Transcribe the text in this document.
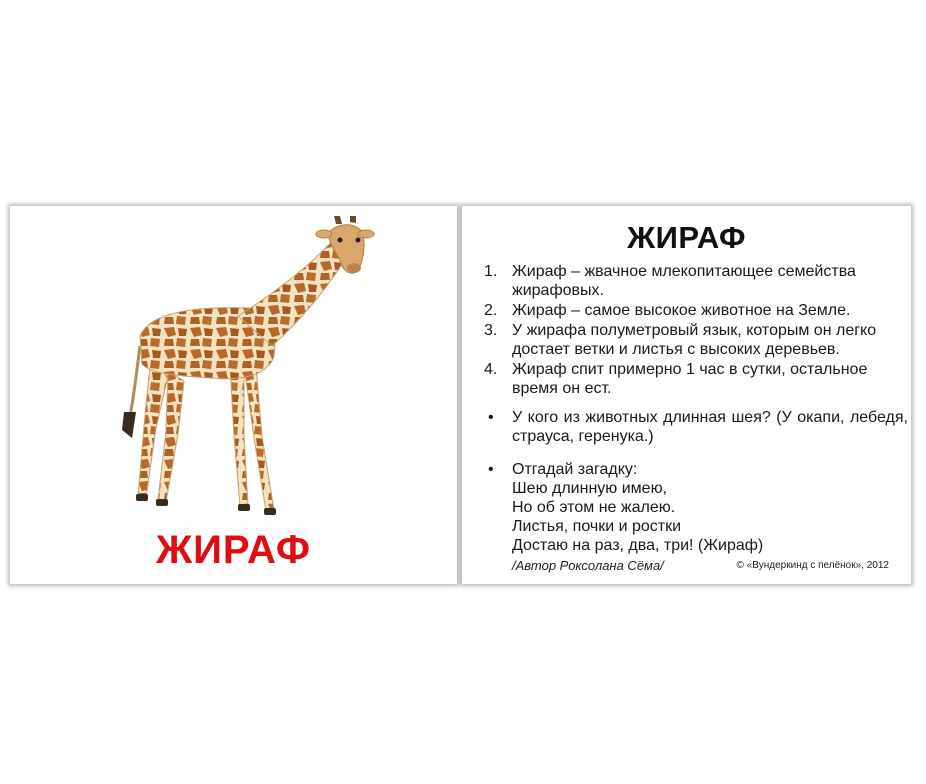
ЖИРАФ
ЖИРАФ
1. Жираф – жвачное млекопитающее семейства жирафовых.
2. Жираф – самое высокое животное на Земле.
3. У жирафа полуметровый язык, которым он легко достает ветки и листья с высоких деревьев.
4. Жираф спит примерно 1 час в сутки, остальное время он ест.
• У кого из животных длинная шея? (У окапи, лебедя, страуса, геренука.)
• Отгадай загадку:
Шею длинную имею,
Но об этом не жалею.
Листья, почки и ростки
Достаю на раз, два, три! (Жираф)
/Автор Роксолана Сёма/	© «Вундеркинд с пелёнок», 2012
